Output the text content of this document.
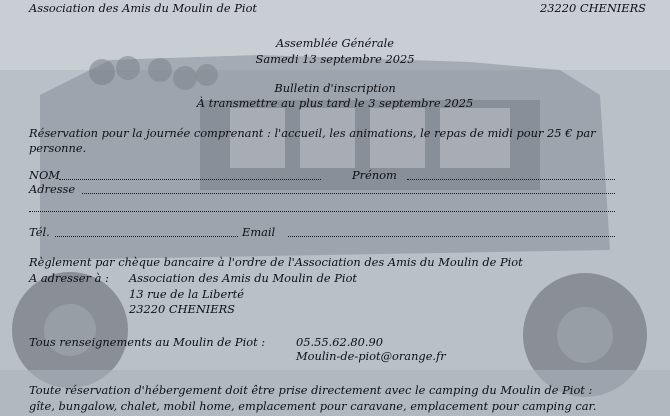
Association des Amis du Moulin de Piot	23220 CHENIERS
Assemblée Générale
Samedi 13 septembre 2025
Bulletin d'inscription
À transmettre au plus tard le 3 septembre 2025
Réservation pour la journée comprenant : l'accueil, les animations, le repas de midi pour 25 € par
personne.
NOM	Prénom
Adresse
Tél.	Email
Règlement par chèque bancaire à l'ordre de l'Association des Amis du Moulin de Piot
A adresser à : Association des Amis du Moulin de Piot
13 rue de la Liberté
23220 CHENIERS
Tous renseignements au Moulin de Piot :	05.55.62.80.90
Moulin-de-piot@orange.fr
Toute réservation d'hébergement doit être prise directement avec le camping du Moulin de Piot :
gîte, bungalow, chalet, mobil home, emplacement pour caravane, emplacement pour camping car.
